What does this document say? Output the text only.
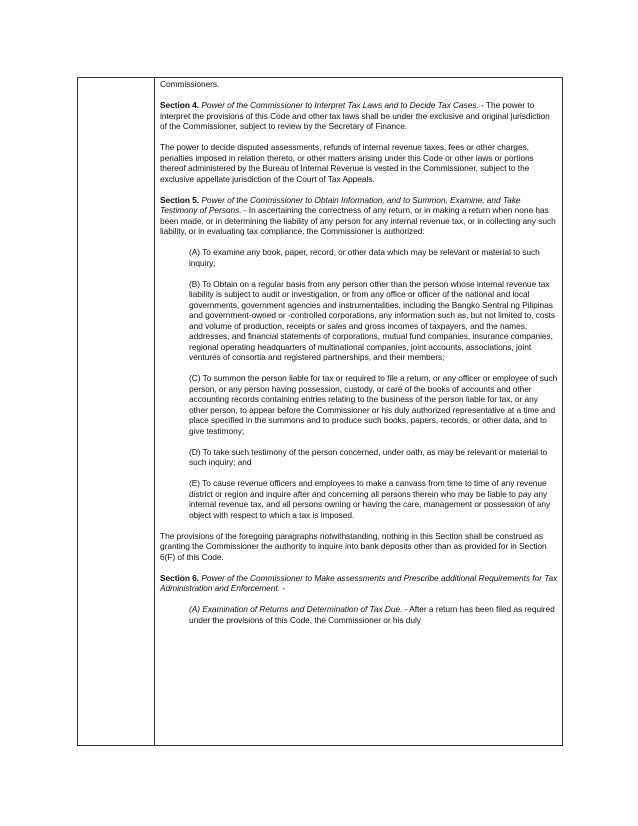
Commissioners.

Section 4. Power of the Commissioner to Interpret Tax Laws and to Decide Tax Cases. - The power to interpret the provisions of this Code and other tax laws shall be under the exclusive and original jurisdiction of the Commissioner, subject to review by the Secretary of Finance.

The power to decide disputed assessments, refunds of internal revenue taxes, fees or other charges, penalties imposed in relation thereto, or other matters arising under this Code or other laws or portions thereof administered by the Bureau of Internal Revenue is vested in the Commissioner, subject to the exclusive appellate jurisdiction of the Court of Tax Appeals.

Section 5. Power of the Commissioner to Obtain Information, and to Summon, Examine, and Take Testimony of Persons. - In ascertaining the correctness of any return, or in making a return when none has been made, or in determining the liability of any person for any internal revenue tax, or in collecting any such liability, or in evaluating tax compliance, the Commissioner is authorized:

(A) To examine any book, paper, record, or other data which may be relevant or material to such inquiry;

(B) To Obtain on a regular basis from any person other than the person whose internal revenue tax liability is subject to audit or investigation, or from any office or officer of the national and local governments, government agencies and instrumentalities, including the Bangko Sentral ng Pilipinas and government-owned or -controlled corporations, any information such as, but not limited to, costs and volume of production, receipts or sales and gross incomes of taxpayers, and the names, addresses, and financial statements of corporations, mutual fund companies, insurance companies, regional operating headquarters of multinational companies, joint accounts, associations, joint ventures of consortia and registered partnerships, and their members;

(C) To summon the person liable for tax or required to file a return, or any officer or employee of such person, or any person having possession, custody, or care of the books of accounts and other accounting records containing entries relating to the business of the person liable for tax, or any other person, to appear before the Commissioner or his duly authorized representative at a time and place specified in the summons and to produce such books, papers, records, or other data, and to give testimony;

(D) To take such testimony of the person concerned, under oath, as may be relevant or material to such inquiry; and

(E) To cause revenue officers and employees to make a canvass from time to time of any revenue district or region and inquire after and concerning all persons therein who may be liable to pay any internal revenue tax, and all persons owning or having the care, management or possession of any object with respect to which a tax is imposed.

The provisions of the foregoing paragraphs notwithstanding, nothing in this Section shall be construed as granting the Commissioner the authority to inquire into bank deposits other than as provided for in Section 6(F) of this Code.

Section 6. Power of the Commissioner to Make assessments and Prescribe additional Requirements for Tax Administration and Enforcement. -

(A) Examination of Returns and Determination of Tax Due. - After a return has been filed as required under the provisions of this Code, the Commissioner or his duly
